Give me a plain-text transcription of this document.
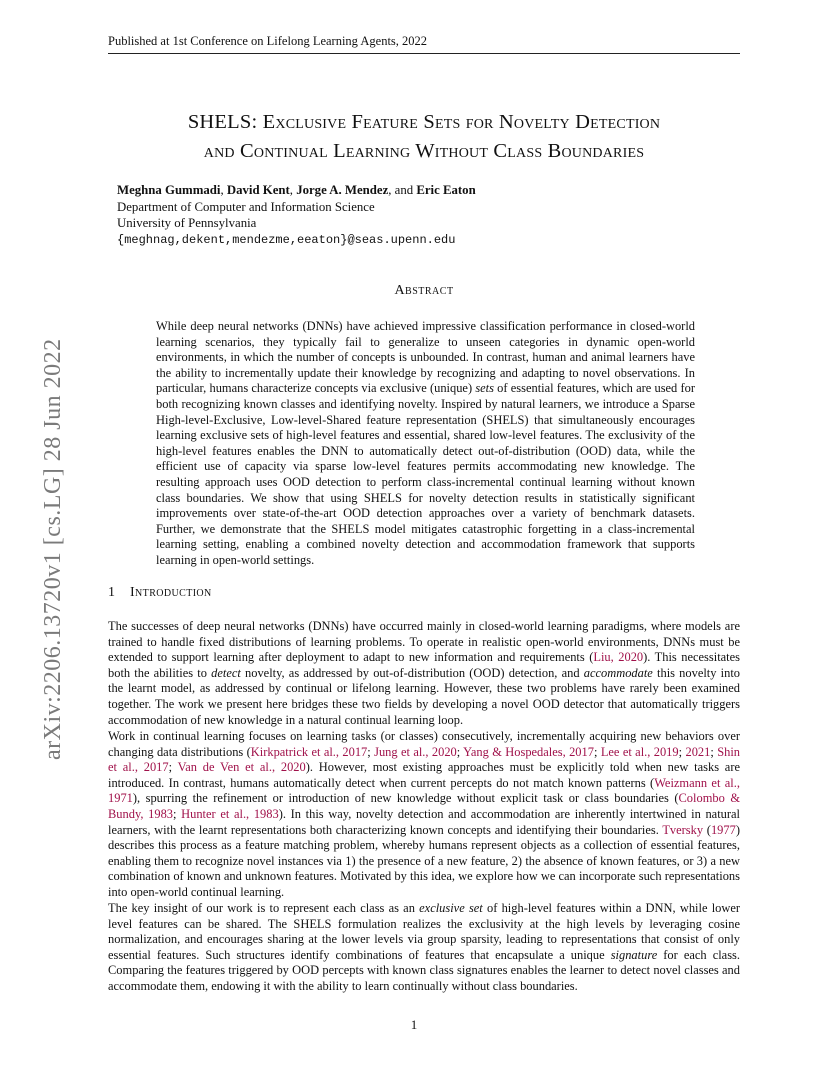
Published at 1st Conference on Lifelong Learning Agents, 2022
arXiv:2206.13720v1 [cs.LG] 28 Jun 2022
SHELS: Exclusive Feature Sets for Novelty Detection
and Continual Learning Without Class Boundaries
Meghna Gummadi, David Kent, Jorge A. Mendez, and Eric Eaton
Department of Computer and Information Science
University of Pennsylvania
{meghnag,dekent,mendezme,eeaton}@seas.upenn.edu
Abstract

While deep neural networks (DNNs) have achieved impressive classification performance in closed-world learning scenarios, they typically fail to generalize to unseen categories in dynamic open-world environments, in which the number of concepts is unbounded. In contrast, human and animal learners have the ability to incrementally update their knowledge by recognizing and adapting to novel observations. In particular, humans characterize concepts via exclusive (unique) sets of essential features, which are used for both recognizing known classes and identifying novelty. Inspired by natural learners, we introduce a Sparse High-level-Exclusive, Low-level-Shared feature representation (SHELS) that simultaneously encourages learning exclusive sets of high-level features and essential, shared low-level features. The exclusivity of the high-level features enables the DNN to automatically detect out-of-distribution (OOD) data, while the efficient use of capacity via sparse low-level features permits accommodating new knowledge. The resulting approach uses OOD detection to perform class-incremental continual learning without known class boundaries. We show that using SHELS for novelty detection results in statistically significant improvements over state-of-the-art OOD detection approaches over a variety of benchmark datasets. Further, we demonstrate that the SHELS model mitigates catastrophic forgetting in a class-incremental learning setting, enabling a combined novelty detection and accommodation framework that supports learning in open-world settings.

1 Introduction

The successes of deep neural networks (DNNs) have occurred mainly in closed-world learning paradigms, where models are trained to handle fixed distributions of learning problems. To operate in realistic open-world environments, DNNs must be extended to support learning after deployment to adapt to new information and requirements (Liu, 2020). This necessitates both the abilities to detect novelty, as addressed by out-of-distribution (OOD) detection, and accommodate this novelty into the learnt model, as addressed by continual or lifelong learning. However, these two problems have rarely been examined together. The work we present here bridges these two fields by developing a novel OOD detector that automatically triggers accommodation of new knowledge in a natural continual learning loop.

Work in continual learning focuses on learning tasks (or classes) consecutively, incrementally acquiring new behaviors over changing data distributions (Kirkpatrick et al., 2017; Jung et al., 2020; Yang & Hospedales, 2017; Lee et al., 2019; 2021; Shin et al., 2017; Van de Ven et al., 2020). However, most existing approaches must be explicitly told when new tasks are introduced. In contrast, humans automatically detect when current percepts do not match known patterns (Weizmann et al., 1971), spurring the refinement or introduction of new knowledge without explicit task or class boundaries (Colombo & Bundy, 1983; Hunter et al., 1983). In this way, novelty detection and accommodation are inherently intertwined in natural learners, with the learnt representations both characterizing known concepts and identifying their boundaries. Tversky (1977) describes this process as a feature matching problem, whereby humans represent objects as a collection of essential features, enabling them to recognize novel instances via 1) the presence of a new feature, 2) the absence of known features, or 3) a new combination of known and unknown features. Motivated by this idea, we explore how we can incorporate such representations into open-world continual learning.

The key insight of our work is to represent each class as an exclusive set of high-level features within a DNN, while lower level features can be shared. The SHELS formulation realizes the exclusivity at the high levels by leveraging cosine normalization, and encourages sharing at the lower levels via group sparsity, leading to representations that consist of only essential features. Such structures identify combinations of features that encapsulate a unique signature for each class. Comparing the features triggered by OOD percepts with known class signatures enables the learner to detect novel classes and accommodate them, endowing it with the ability to learn continually without class boundaries.

1
